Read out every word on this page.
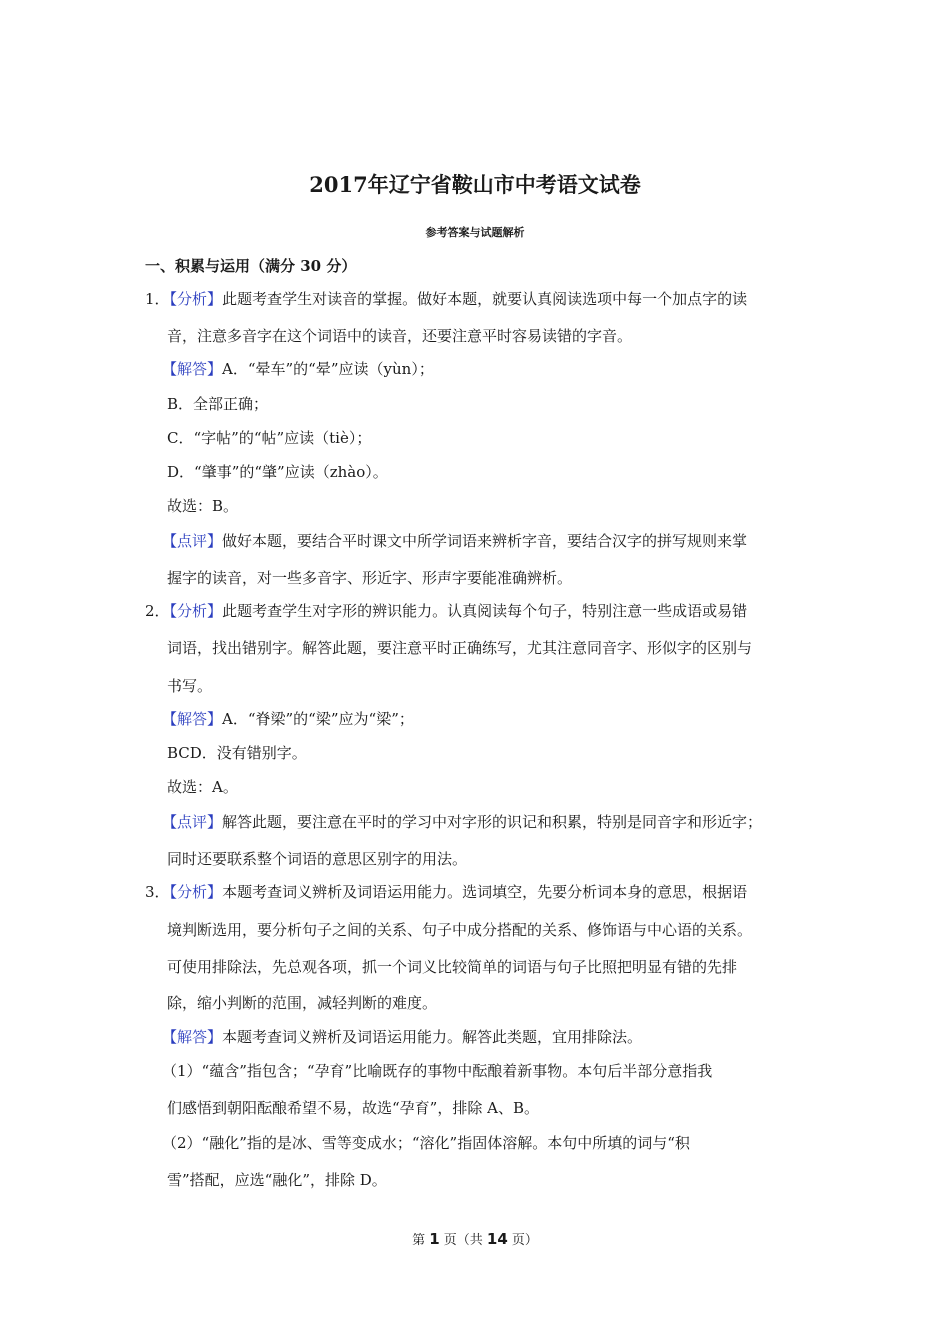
2017年辽宁省鞍山市中考语文试卷
参考答案与试题解析
一、积累与运用（满分 30 分）
1．【分析】此题考查学生对读音的掌握。做好本题，就要认真阅读选项中每一个加点字的读
音，注意多音字在这个词语中的读音，还要注意平时容易读错的字音。
【解答】A．“晕车”的“晕”应读（yùn）；
B．全部正确；
C．“字帖”的“帖”应读（tiè）；
D．“肇事”的“肇”应读（zhào）。
故选：B。
【点评】做好本题，要结合平时课文中所学词语来辨析字音，要结合汉字的拼写规则来掌
握字的读音，对一些多音字、形近字、形声字要能准确辨析。
2．【分析】此题考查学生对字形的辨识能力。认真阅读每个句子，特别注意一些成语或易错
词语，找出错别字。解答此题，要注意平时正确练写，尤其注意同音字、形似字的区别与
书写。
【解答】A．“脊梁”的“梁”应为“梁”；
BCD．没有错别字。
故选：A。
【点评】解答此题，要注意在平时的学习中对字形的识记和积累，特别是同音字和形近字；
同时还要联系整个词语的意思区别字的用法。
3．【分析】本题考查词义辨析及词语运用能力。选词填空，先要分析词本身的意思，根据语
境判断选用，要分析句子之间的关系、句子中成分搭配的关系、修饰语与中心语的关系。
可使用排除法，先总观各项，抓一个词义比较简单的词语与句子比照把明显有错的先排
除，缩小判断的范围，减轻判断的难度。
【解答】本题考查词义辨析及词语运用能力。解答此类题，宜用排除法。
（1）“蕴含”指包含；“孕育”比喻既存的事物中酝酿着新事物。本句后半部分意指我
们感悟到朝阳酝酿希望不易，故选“孕育”，排除 A、B。
（2）“融化”指的是冰、雪等变成水；“溶化”指固体溶解。本句中所填的词与“积
雪”搭配，应选“融化”，排除 D。
第 1 页（共 14 页）
